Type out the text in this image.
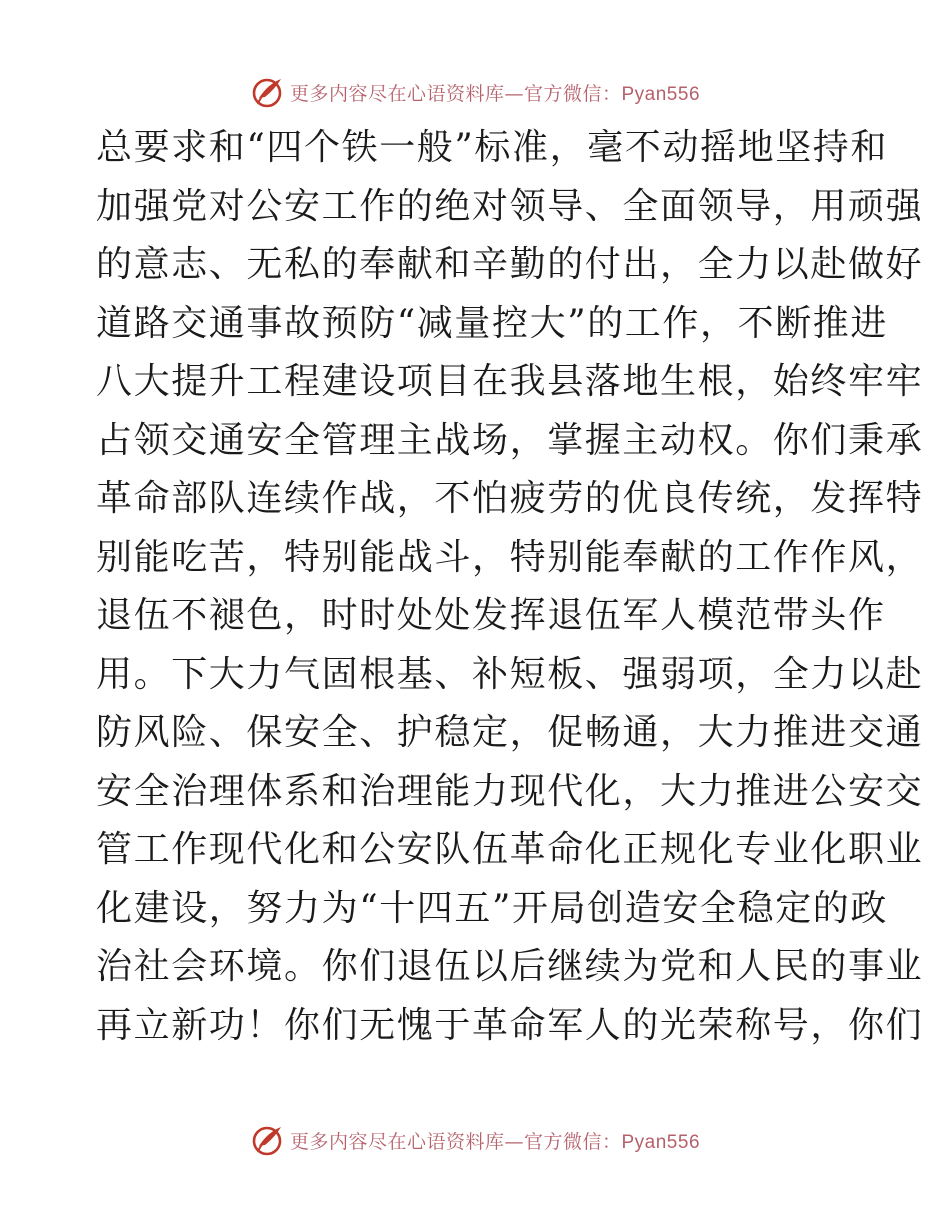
更多内容尽在心语资料库—官方微信：Pyan556
总要求和“四个铁一般”标准，毫不动摇地坚持和
加强党对公安工作的绝对领导、全面领导，用顽强
的意志、无私的奉献和辛勤的付出，全力以赴做好
道路交通事故预防“减量控大”的工作，不断推进
八大提升工程建设项目在我县落地生根，始终牢牢
占领交通安全管理主战场，掌握主动权。你们秉承
革命部队连续作战，不怕疲劳的优良传统，发挥特
别能吃苦，特别能战斗，特别能奉献的工作作风，
退伍不褪色，时时处处发挥退伍军人模范带头作
用。下大力气固根基、补短板、强弱项，全力以赴
防风险、保安全、护稳定，促畅通，大力推进交通
安全治理体系和治理能力现代化，大力推进公安交
管工作现代化和公安队伍革命化正规化专业化职业
化建设，努力为“十四五”开局创造安全稳定的政
治社会环境。你们退伍以后继续为党和人民的事业
再立新功！你们无愧于革命军人的光荣称号，你们
更多内容尽在心语资料库—官方微信：Pyan556
